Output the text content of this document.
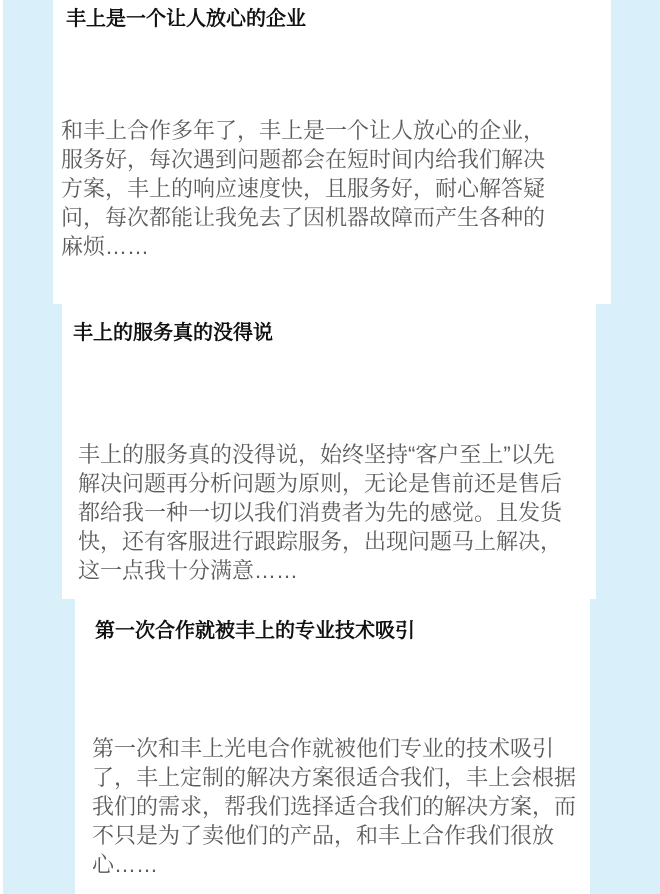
丰上是一个让人放心的企业
和丰上合作多年了，丰上是一个让人放心的企业，
服务好，每次遇到问题都会在短时间内给我们解决
方案，丰上的响应速度快，且服务好，耐心解答疑
问，每次都能让我免去了因机器故障而产生各种的
麻烦……
丰上的服务真的没得说
丰上的服务真的没得说，始终坚持“客户至上”以先
解决问题再分析问题为原则，无论是售前还是售后
都给我一种一切以我们消费者为先的感觉。且发货
快，还有客服进行跟踪服务，出现问题马上解决，
这一点我十分满意……
第一次合作就被丰上的专业技术吸引
第一次和丰上光电合作就被他们专业的技术吸引
了，丰上定制的解决方案很适合我们，丰上会根据
我们的需求，帮我们选择适合我们的解决方案，而
不只是为了卖他们的产品，和丰上合作我们很放
心……
